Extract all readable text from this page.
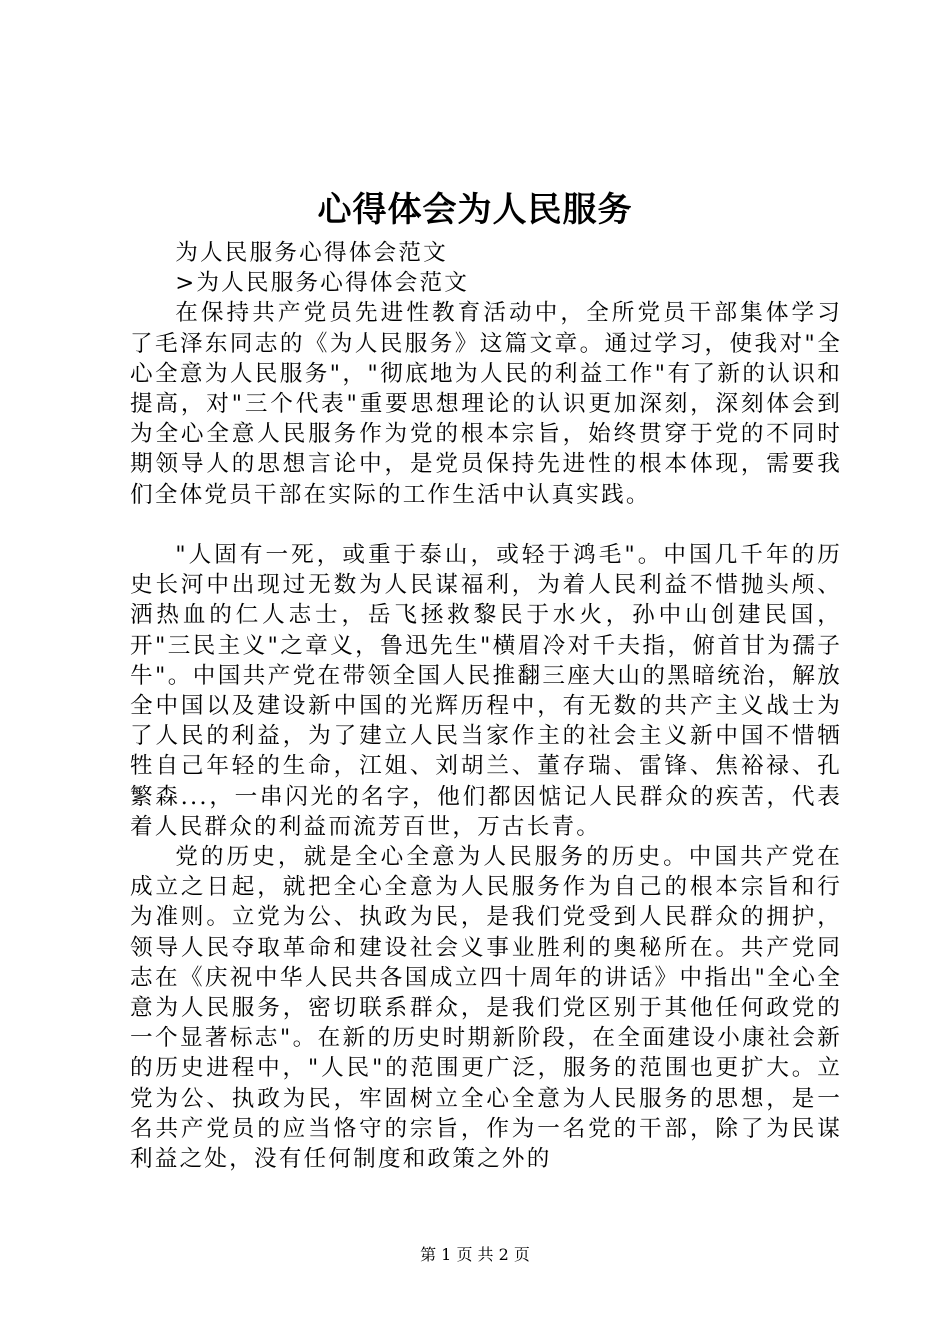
心得体会为人民服务

为人民服务心得体会范文

>为人民服务心得体会范文

在保持共产党员先进性教育活动中，全所党员干部集体学习了毛泽东同志的《为人民服务》这篇文章。通过学习，使我对"全心全意为人民服务"，"彻底地为人民的利益工作"有了新的认识和提高，对"三个代表"重要思想理论的认识更加深刻，深刻体会到为全心全意人民服务作为党的根本宗旨，始终贯穿于党的不同时期领导人的思想言论中，是党员保持先进性的根本体现，需要我们全体党员干部在实际的工作生活中认真实践。

"人固有一死，或重于泰山，或轻于鸿毛"。中国几千年的历史长河中出现过无数为人民谋福利，为着人民利益不惜抛头颅、洒热血的仁人志士，岳飞拯救黎民于水火，孙中山创建民国，开"三民主义"之章义，鲁迅先生"横眉冷对千夫指，俯首甘为孺子牛"。中国共产党在带领全国人民推翻三座大山的黑暗统治，解放全中国以及建设新中国的光辉历程中，有无数的共产主义战士为了人民的利益，为了建立人民当家作主的社会主义新中国不惜牺牲自己年轻的生命，江姐、刘胡兰、董存瑞、雷锋、焦裕禄、孔繁森...，一串闪光的名字，他们都因惦记人民群众的疾苦，代表着人民群众的利益而流芳百世，万古长青。

党的历史，就是全心全意为人民服务的历史。中国共产党在成立之日起，就把全心全意为人民服务作为自己的根本宗旨和行为准则。立党为公、执政为民，是我们党受到人民群众的拥护，领导人民夺取革命和建设社会义事业胜利的奥秘所在。共产党同志在《庆祝中华人民共各国成立四十周年的讲话》中指出"全心全意为人民服务，密切联系群众，是我们党区别于其他任何政党的一个显著标志"。在新的历史时期新阶段，在全面建设小康社会新的历史进程中，"人民"的范围更广泛，服务的范围也更扩大。立党为公、执政为民，牢固树立全心全意为人民服务的思想，是一名共产党员的应当恪守的宗旨，作为一名党的干部，除了为民谋利益之处，没有任何制度和政策之外的

第 1 页 共 2 页
